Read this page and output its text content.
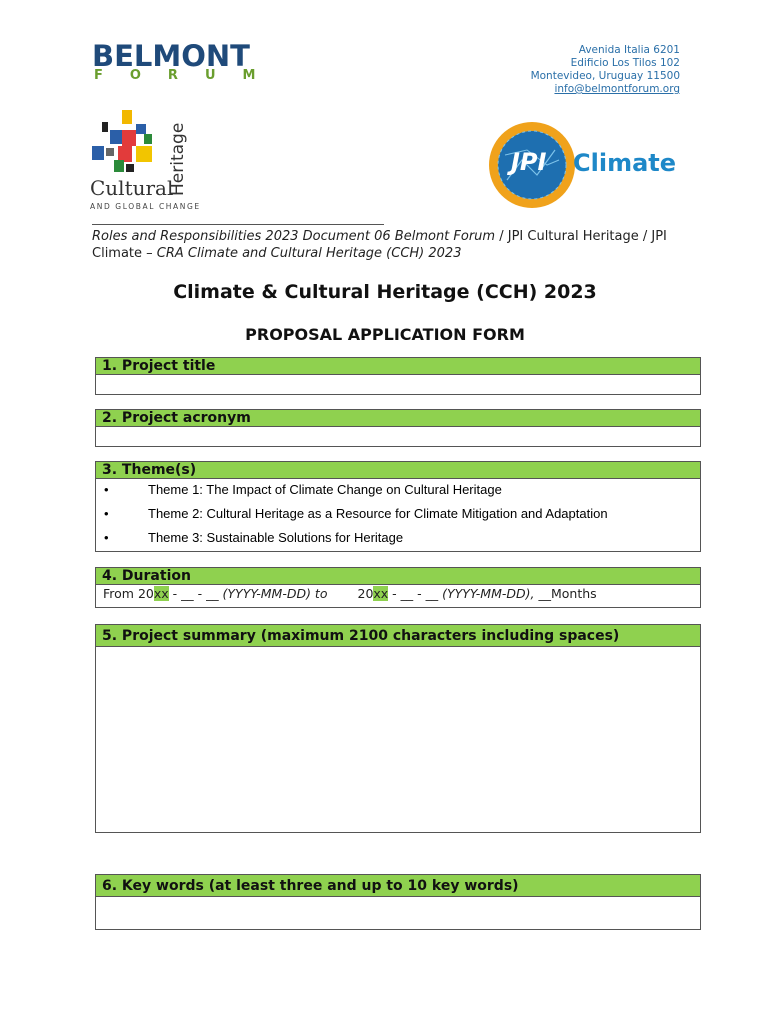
BELMONT
FORUM
Avenida Italia 6201
Edificio Los Tilos 102
Montevideo, Uruguay 11500
info@belmontforum.org
Cultural
Heritage
AND GLOBAL CHANGE
JPI Climate
Roles and Responsibilities 2023 Document 06 Belmont Forum / JPI Cultural Heritage / JPI Climate – CRA Climate and Cultural Heritage (CCH) 2023
Climate & Cultural Heritage (CCH) 2023
PROPOSAL APPLICATION FORM
1. Project title
2. Project acronym
3. Theme(s)
•	Theme 1: The Impact of Climate Change on Cultural Heritage
•	Theme 2: Cultural Heritage as a Resource for Climate Mitigation and Adaptation
•	Theme 3: Sustainable Solutions for Heritage
4. Duration
From 20xx - __ - __ (YYYY-MM-DD) to 20xx - __ - __ (YYYY-MM-DD), __Months
5. Project summary (maximum 2100 characters including spaces)
6. Key words (at least three and up to 10 key words)
